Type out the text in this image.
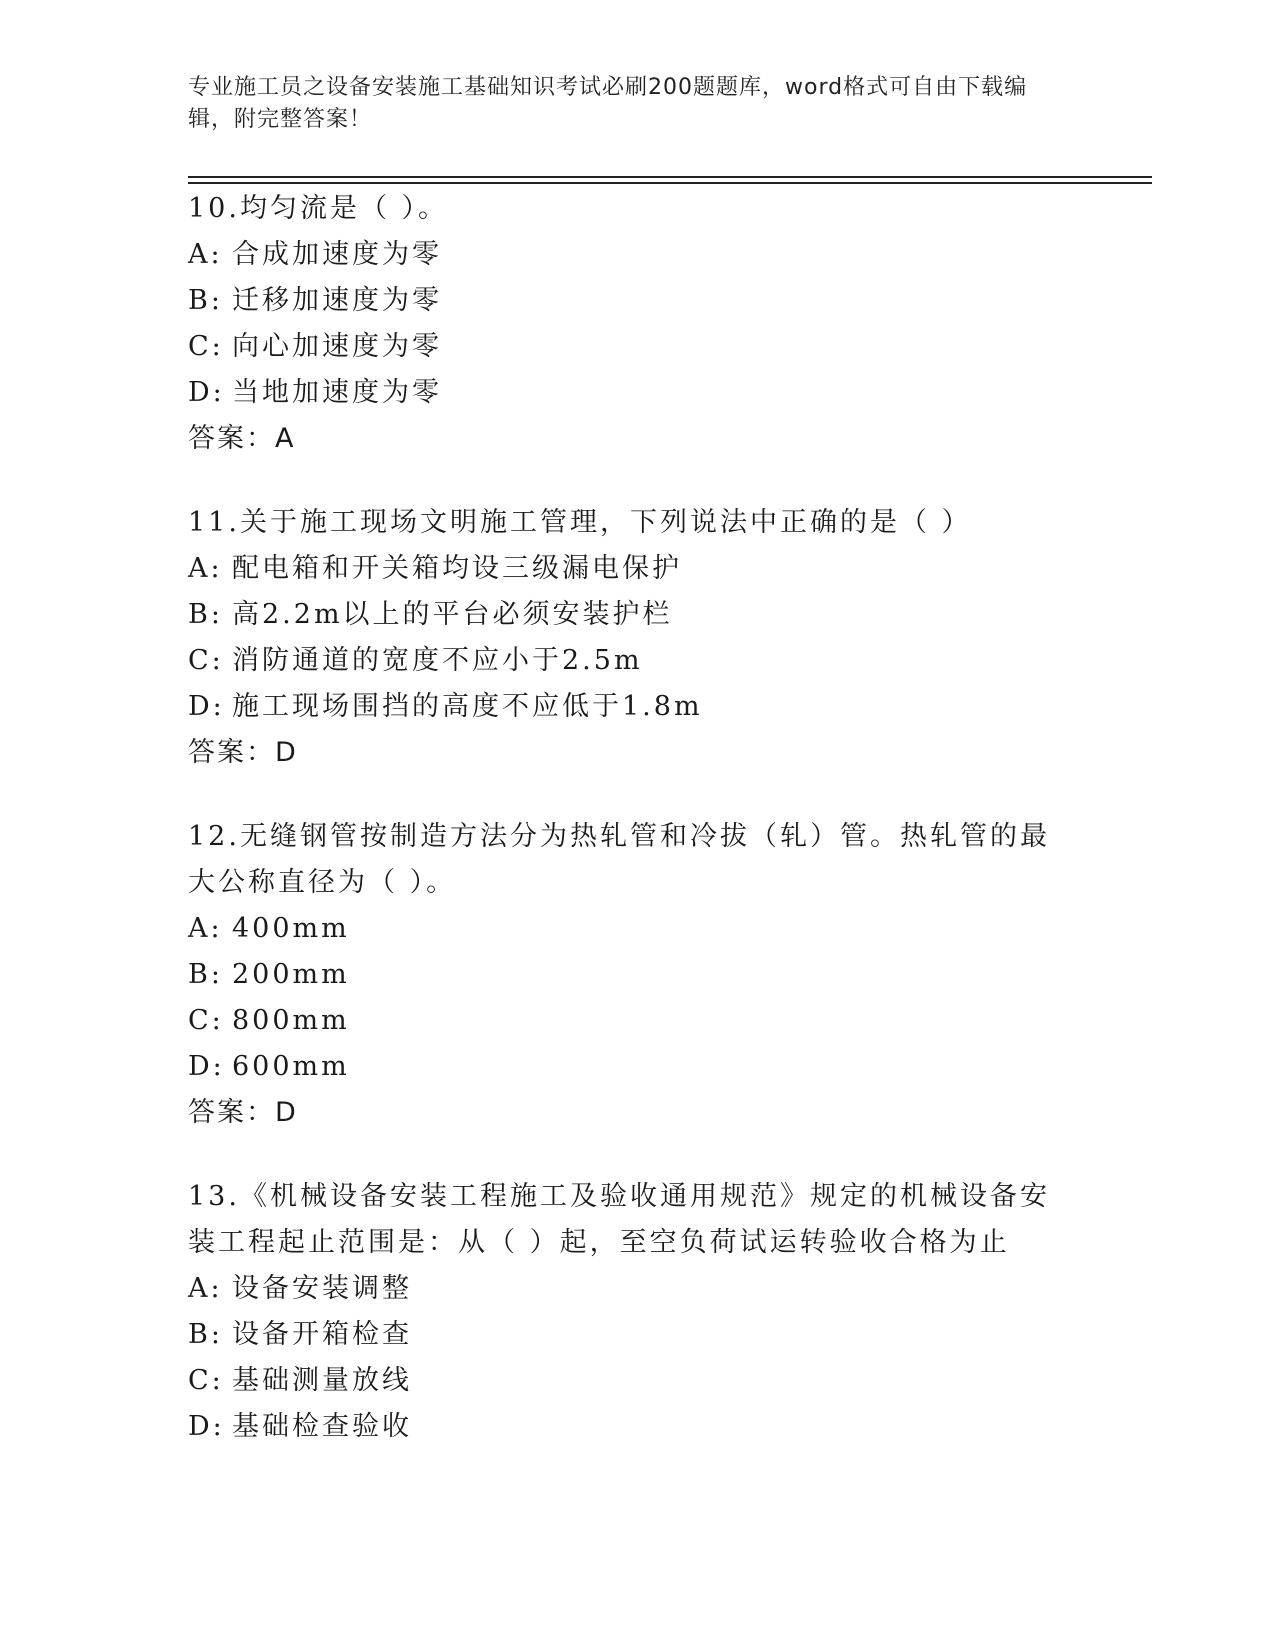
专业施工员之设备安装施工基础知识考试必刷200题题库，word格式可自由下载编辑，附完整答案！
10.均匀流是（ ）。
A: 合成加速度为零
B: 迁移加速度为零
C: 向心加速度为零
D: 当地加速度为零
答案：A
11.关于施工现场文明施工管理，下列说法中正确的是（ ）
A: 配电箱和开关箱均设三级漏电保护
B: 高2.2m以上的平台必须安装护栏
C: 消防通道的宽度不应小于2.5m
D: 施工现场围挡的高度不应低于1.8m
答案：D
12.无缝钢管按制造方法分为热轧管和冷拔（轧）管。热轧管的最大公称直径为（ ）。
A: 400mm
B: 200mm
C: 800mm
D: 600mm
答案：D
13.《机械设备安装工程施工及验收通用规范》规定的机械设备安装工程起止范围是：从（ ）起，至空负荷试运转验收合格为止
A: 设备安装调整
B: 设备开箱检查
C: 基础测量放线
D: 基础检查验收
